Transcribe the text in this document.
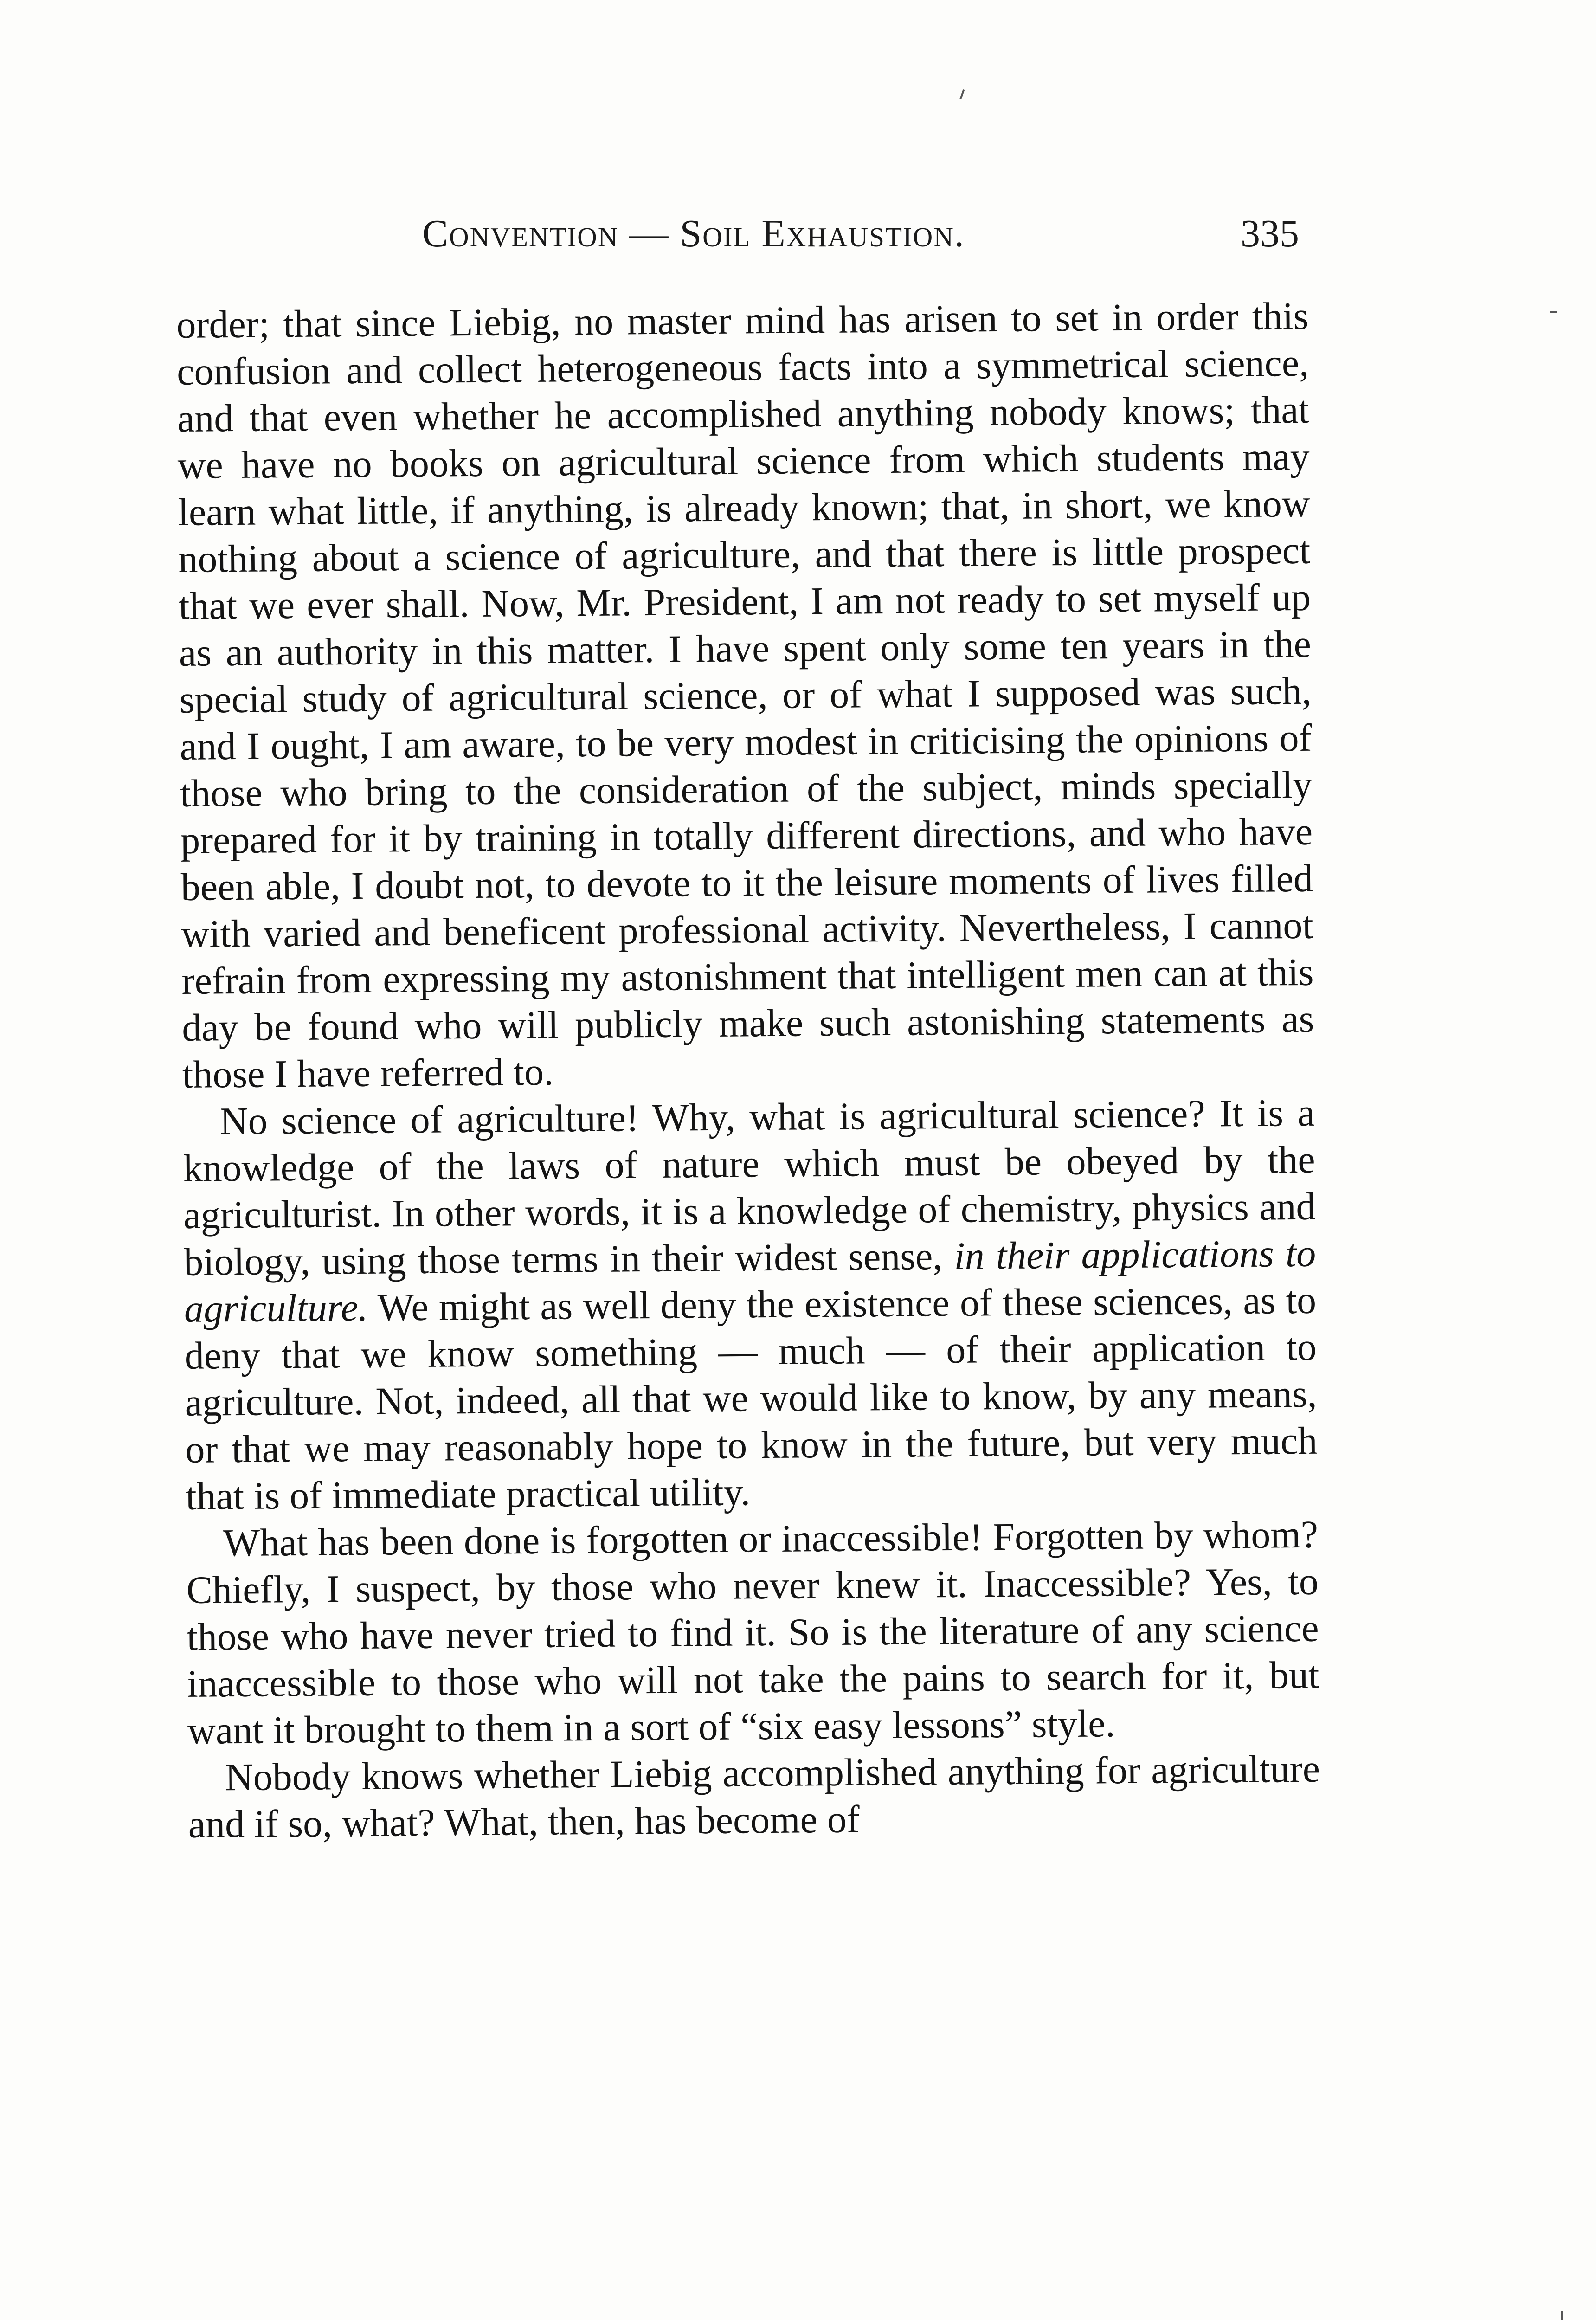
Convention — Soil Exhaustion.	335

order; that since Liebig, no master mind has arisen to set in order this confusion and collect heterogeneous facts into a symmetrical science, and that even whether he accomplished anything nobody knows; that we have no books on agricultural science from which students may learn what little, if anything, is already known; that, in short, we know nothing about a science of agriculture, and that there is little prospect that we ever shall. Now, Mr. President, I am not ready to set myself up as an authority in this matter. I have spent only some ten years in the special study of agricultural science, or of what I supposed was such, and I ought, I am aware, to be very modest in criticising the opinions of those who bring to the consideration of the subject, minds specially prepared for it by training in totally different directions, and who have been able, I doubt not, to devote to it the leisure moments of lives filled with varied and beneficent professional activity. Nevertheless, I cannot refrain from expressing my astonishment that intelligent men can at this day be found who will publicly make such astonishing statements as those I have referred to.

No science of agriculture! Why, what is agricultural science? It is a knowledge of the laws of nature which must be obeyed by the agriculturist. In other words, it is a knowledge of chemistry, physics and biology, using those terms in their widest sense, in their applications to agriculture. We might as well deny the existence of these sciences, as to deny that we know something — much — of their application to agriculture. Not, indeed, all that we would like to know, by any means, or that we may reasonably hope to know in the future, but very much that is of immediate practical utility.

What has been done is forgotten or inaccessible! Forgotten by whom? Chiefly, I suspect, by those who never knew it. Inaccessible? Yes, to those who have never tried to find it. So is the literature of any science inaccessible to those who will not take the pains to search for it, but want it brought to them in a sort of “six easy lessons” style.

Nobody knows whether Liebig accomplished anything for agriculture and if so, what? What, then, has become of
